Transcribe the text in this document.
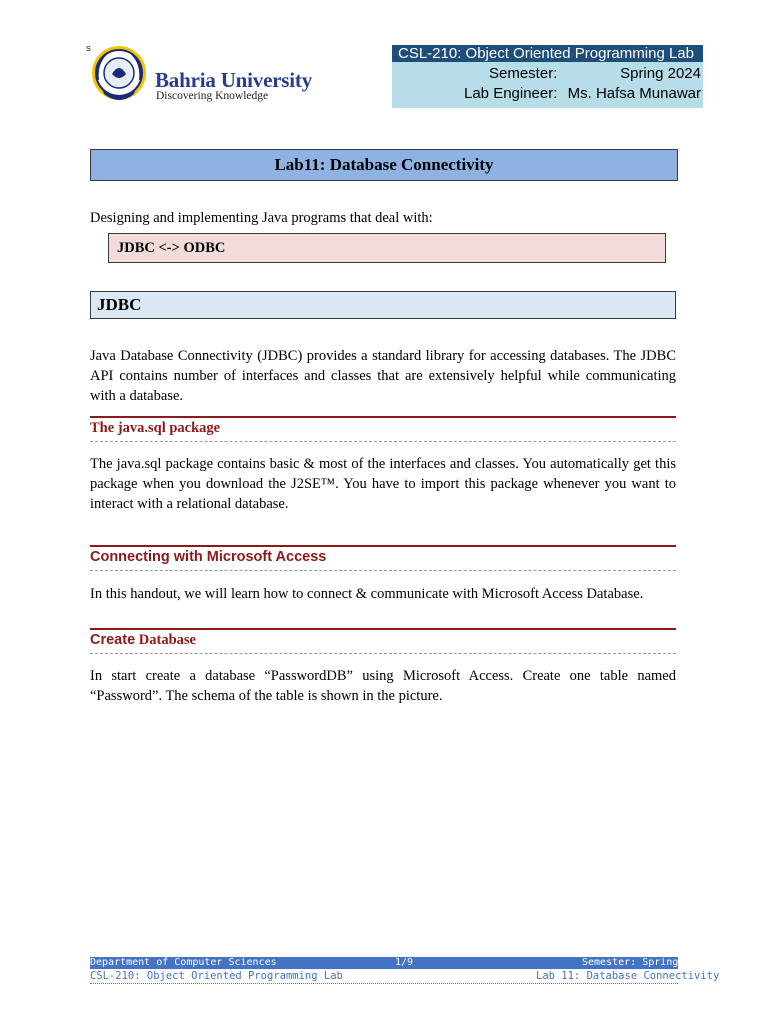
S
Bahria University
Discovering Knowledge
CSL-210: Object Oriented Programming Lab
Semester:	Spring 2024
Lab Engineer: Ms. Hafsa Munawar
Lab11: Database Connectivity
Designing and implementing Java programs that deal with:
JDBC <-> ODBC
JDBC

Java Database Connectivity (JDBC) provides a standard library for accessing databases. The JDBC API contains number of interfaces and classes that are extensively helpful while communicating with a database.

The java.sql package

The java.sql package contains basic & most of the interfaces and classes. You automatically get this package when you download the J2SE™. You have to import this package whenever you want to interact with a relational database.

Connecting with Microsoft Access

In this handout, we will learn how to connect & communicate with Microsoft Access Database.

Create Database

In start create a database “PasswordDB” using Microsoft Access. Create one table named “Password”. The schema of the table is shown in the picture.

Department of Computer Sciences	1/9	Semester: Spring 2024
CSL-210: Object Oriented Programming Lab	Lab 11: Database Connectivity
